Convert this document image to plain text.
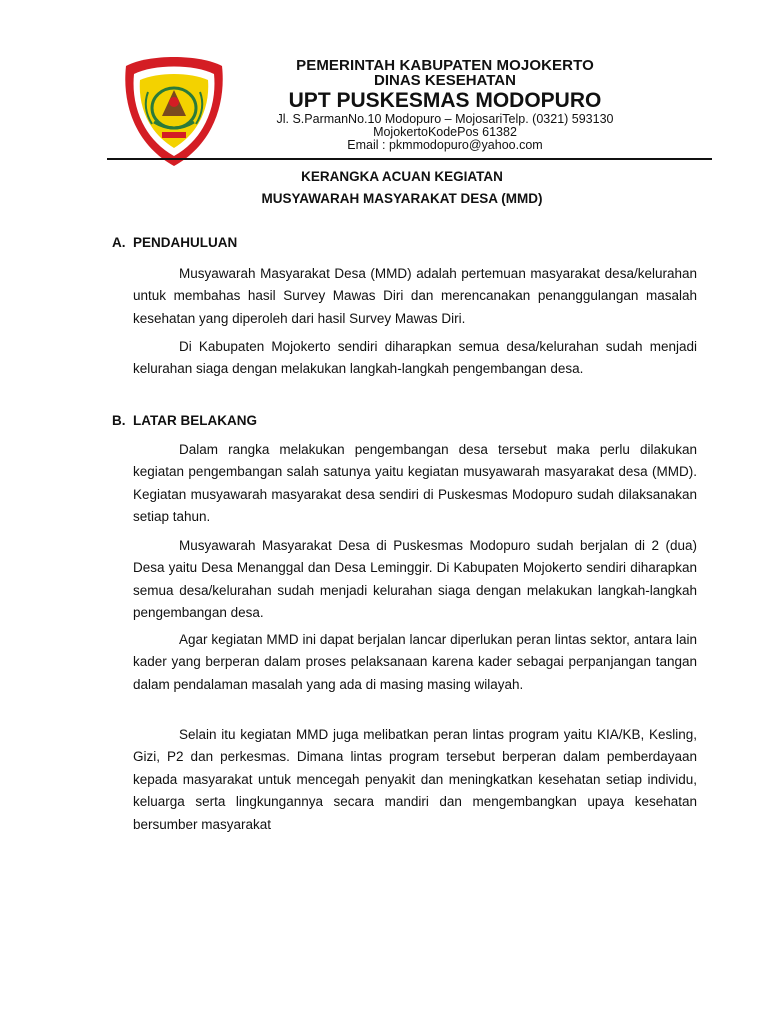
PEMERINTAH KABUPATEN MOJOKERTO
DINAS KESEHATAN
UPT PUSKESMAS MODOPURO
Jl. S.ParmanNo.10 Modopuro – MojosariTelp. (0321) 593130
MojokertoKodePos 61382
Email : pkmmodopuro@yahoo.com
KERANGKA ACUAN KEGIATAN
MUSYAWARAH MASYARAKAT DESA (MMD)
A. PENDAHULUAN
Musyawarah Masyarakat Desa (MMD) adalah pertemuan masyarakat desa/kelurahan untuk membahas hasil Survey Mawas Diri dan merencanakan penanggulangan masalah kesehatan yang diperoleh dari hasil Survey Mawas Diri.
Di Kabupaten Mojokerto sendiri diharapkan semua desa/kelurahan sudah menjadi kelurahan siaga dengan melakukan langkah-langkah pengembangan desa.
B. LATAR BELAKANG
Dalam rangka melakukan pengembangan desa tersebut maka perlu dilakukan kegiatan pengembangan salah satunya yaitu kegiatan musyawarah masyarakat desa (MMD). Kegiatan musyawarah masyarakat desa sendiri di Puskesmas Modopuro sudah dilaksanakan setiap tahun.
Musyawarah Masyarakat Desa di Puskesmas Modopuro sudah berjalan di 2 (dua) Desa yaitu Desa Menanggal dan Desa Leminggir. Di Kabupaten Mojokerto sendiri diharapkan semua desa/kelurahan sudah menjadi kelurahan siaga dengan melakukan langkah-langkah pengembangan desa.
Agar kegiatan MMD ini dapat berjalan lancar diperlukan peran lintas sektor, antara lain kader yang berperan dalam proses pelaksanaan karena kader sebagai perpanjangan tangan dalam pendalaman masalah yang ada di masing masing wilayah.
Selain itu kegiatan MMD juga melibatkan peran lintas program yaitu KIA/KB, Kesling, Gizi, P2 dan perkesmas. Dimana lintas program tersebut berperan dalam pemberdayaan kepada masyarakat untuk mencegah penyakit dan meningkatkan kesehatan setiap individu, keluarga serta lingkungannya secara mandiri dan mengembangkan upaya kesehatan bersumber masyarakat
